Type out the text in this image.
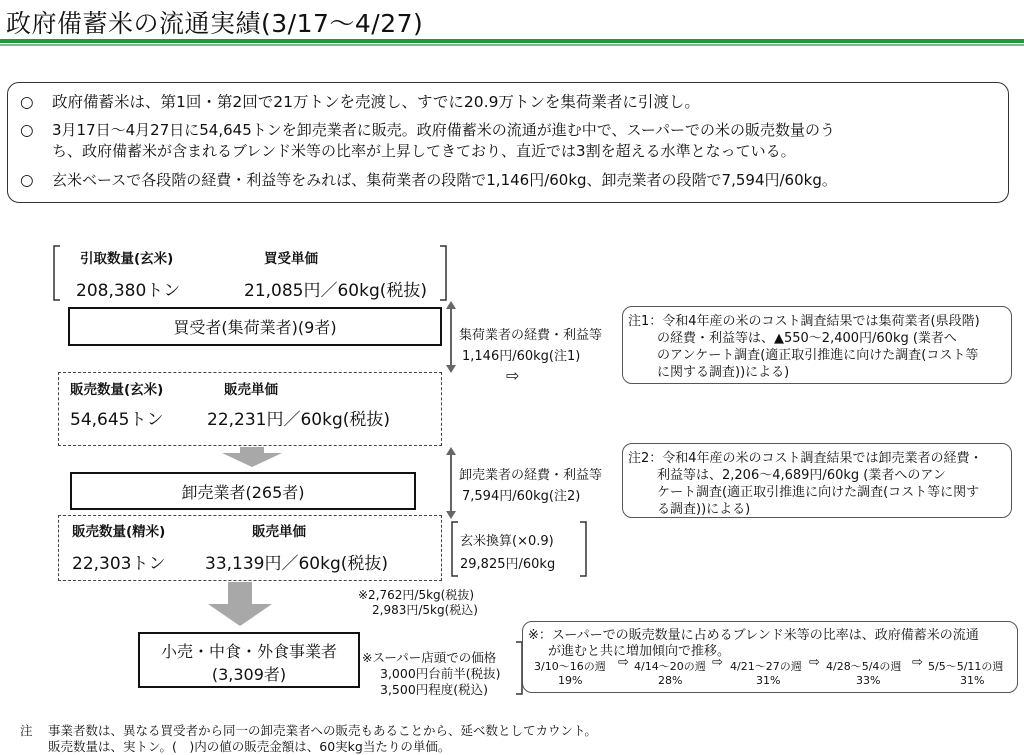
政府備蓄米の流通実績(3/17～4/27)
○ 政府備蓄米は、第1回・第2回で21万トンを売渡し、すでに20.9万トンを集荷業者に引渡し。
○ 3月17日～4月27日に54,645トンを卸売業者に販売。政府備蓄米の流通が進む中で、スーパーでの米の販売数量のう
ち、政府備蓄米が含まれるブレンド米等の比率が上昇してきており、直近では3割を超える水準となっている。
○ 玄米ベースで各段階の経費・利益等をみれば、集荷業者の段階で1,146円/60kg、卸売業者の段階で7,594円/60kg。
引取数量(玄米)	買受単価
208,380トン	21,085円／60kg(税抜)
買受者(集荷業者)(9者)	集荷業者の経費・利益等
1,146円/60kg(注1)
⇨
注1：令和4年産の米のコスト調査結果では集荷業者(県段階)
の経費・利益等は、▲550～2,400円/60kg (業者へ
のアンケート調査(適正取引推進に向けた調査(コスト等
に関する調査))による)
販売数量(玄米)	販売単価
54,645トン	22,231円／60kg(税抜)
卸売業者(265者)
卸売業者の経費・利益等
7,594円/60kg(注2)
注2：令和4年産の米のコスト調査結果では卸売業者の経費・
利益等は、2,206～4,689円/60kg (業者へのアン
ケート調査(適正取引推進に向けた調査(コスト等に関す
る調査))による)
販売数量(精米)	販売単価
22,303トン 33,139円／60kg(税抜)
玄米換算(×0.9)
29,825円/60kg
※2,762円/5kg(税抜)
2,983円/5kg(税込)
小売・中食・外食事業者
(3,309者)
※スーパー店頭での価格
3,000円台前半(税抜)
3,500円程度(税込)
※：スーパーでの販売数量に占めるブレンド米等の比率は、政府備蓄米の流通
が進むと共に増加傾向で推移。
3/10～16の週 ⇨ 4/14～20の週 ⇨ 4/21～27の週 ⇨ 4/28～5/4の週 ⇨ 5/5～5/11の週
19%	28%	31%	33%	31%
注 事業者数は、異なる買受者から同一の卸売業者への販売もあることから、延べ数としてカウント。
販売数量は、実トン。(　)内の値の販売金額は、60実kg当たりの単価。
